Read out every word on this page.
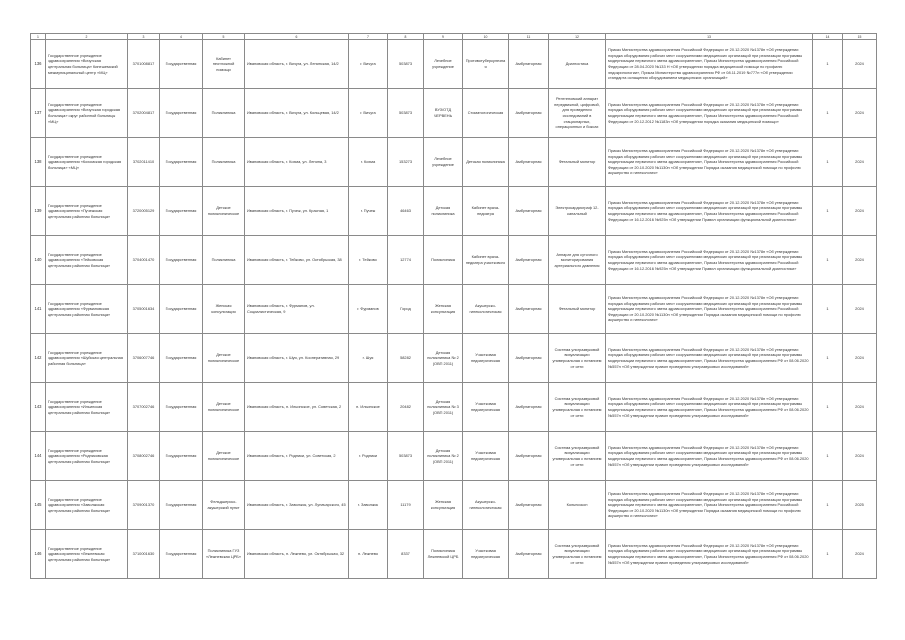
1	2	3	4	5	6	7	8	9	10	11	12	13	14	15
136	Государственное учреждение здравоохранения «Вичугская центральная больница» Кинешемский межмуниципальный центр «МЦ»	3701008817	Государственная	Кабинет неотложной помощи	Ивановская область, г. Вичуга, ул. Ленинская, 14/2	г. Вичуга	503873	Лечебное учреждение	Противотуберкулезная	Амбулаторная	Диагностика	Приказ Министерства здравоохранения Российской Федерации от 20.12.2020 №1378н «Об утверждении порядка оборудования рабочих мест сооружениями медицинских организаций при реализации программы модернизации первичного звена здравоохранения», Приказ Министерства здравоохранения Российской Федерации от 28.04.2020 №133 Н «Об утверждении порядка медицинской помощи по профилю эндокринологии», Приказ Министерства здравоохранения РФ от 08.11.2019 №777н «Об утверждении стандарта оснащения оборудованием медицинских организаций»	1	2024
137	Государственное учреждение здравоохранения «Вичугская городская больница» округ районной больницы «МЦ»	3702004817	Государственная	Поликлиника	Ивановская область, г. Вичуга, ул. Кольцевая, 14/2	г. Вичуга	503873	ВУЗ/ОТД ЧЕРВЕНЬ	Стоматологическая	Амбулаторная	Рентгеновский аппарат передвижной, цифровой, для проведения исследований в стационарных, операционных и боксах	Приказ Министерства здравоохранения Российской Федерации от 20.12.2020 №1378н «Об утверждении порядка оборудования рабочих мест сооружениями медицинских организаций при реализации программы модернизации первичного звена здравоохранения», Приказ Министерства здравоохранения Российской Федерации от 20.12.2012 №1183н «Об утверждении порядка оказания медицинской помощи»	1	2024
138	Государственное учреждение здравоохранения «Кохомская городская больница» «МЦ»	3702011410	Государственная	Поликлиника	Ивановская область, г. Кохма, ул. Ленина, 3	г. Кохма	153273	Лечебное учреждение	Детская поликлиника	Амбулаторная	Фетальный монитор	Приказ Министерства здравоохранения Российской Федерации от 20.12.2020 №1378н «Об утверждении порядка оборудования рабочих мест сооружениями медицинских организаций при реализации программы модернизации первичного звена здравоохранения», Приказ Министерства здравоохранения Российской Федерации от 20.10.2020 №1130н «Об утверждении Порядка оказания медицинской помощи по профилю акушерство и гинекология»	1	2024
139	Государственное учреждение здравоохранения «Пучежская центральная районная больница»	3720005129	Государственная	Детское поликлиническое	Ивановская область, г. Пучеж, ул. Красная, 1	г. Пучеж	46463	Детская поликлиника	Кабинет врача-педиатра	Амбулаторная	Электрокардиограф 12-канальный	Приказ Министерства здравоохранения Российской Федерации от 20.12.2020 №1378н «Об утверждении порядка оборудования рабочих мест сооружениями медицинских организаций при реализации программы модернизации первичного звена здравоохранения», Приказ Министерства здравоохранения Российской Федерации от 16.12.2016 №925н «Об утверждении Правил организации функциональной диагностики»	1	2024
140	Государственное учреждение здравоохранения «Тейковская центральная районная больница»	3704001470	Государственная	Поликлиника	Ивановская область, г. Тейково, ул. Октябрьская, 38	г. Тейково	12774	Поликлиника	Кабинет врача-педиатра участкового	Амбулаторная	Аппарат для суточного мониторирования артериального давления	Приказ Министерства здравоохранения Российской Федерации от 20.12.2020 №1378н «Об утверждении порядка оборудования рабочих мест сооружениями медицинских организаций при реализации программы модернизации первичного звена здравоохранения», Приказ Министерства здравоохранения Российской Федерации от 16.12.2016 №925н «Об утверждении Правил организации функциональной диагностики»	1	2024
141	Государственное учреждение здравоохранения «Фурмановская центральная районная больница»	3705001634	Государственная	Женская консультация	Ивановская область, г. Фурманов, ул. Социалистическая, 9	г. Фурманов	Город	Женская консультация	Акушерско-гинекологическая	Амбулаторная	Фетальный монитор	Приказ Министерства здравоохранения Российской Федерации от 20.12.2020 №1378н «Об утверждении порядка оборудования рабочих мест сооружениями медицинских организаций при реализации программы модернизации первичного звена здравоохранения», Приказ Министерства здравоохранения Российской Федерации от 20.10.2020 №1130н «Об утверждении Порядка оказания медицинской помощи по профилю акушерство и гинекология»	1	2024
142	Государственное учреждение здравоохранения «Шуйская центральная районная больница»	3706007746	Государственная	Детское поликлиническое	Ивановская область, г. Шуя, ул. Кооперативная, 29	г. Шуя	58282	Детская поликлиника № 2 (ОВП 2011)	Участковая педиатрическая	Амбулаторная	Система ультразвуковой визуализации универсальная с питанием от сети	Приказ Министерства здравоохранения Российской Федерации от 20.12.2020 №1378н «Об утверждении порядка оборудования рабочих мест сооружениями медицинских организаций при реализации программы модернизации первичного звена здравоохранения», Приказ Министерства здравоохранения РФ от 08.06.2020 №557н «Об утверждении правил проведения ультразвуковых исследований»	1	2024
143	Государственное учреждение здравоохранения «Ильинская центральная районная больница»	3707002746	Государственная	Детское поликлиническое	Ивановская область, п. Ильинское, ул. Советская, 2	п. Ильинское	20482	Детская поликлиника № 3 (ОВП 2011)	Участковая педиатрическая	Амбулаторная	Система ультразвуковой визуализации универсальная с питанием от сети	Приказ Министерства здравоохранения Российской Федерации от 20.12.2020 №1378н «Об утверждении порядка оборудования рабочих мест сооружениями медицинских организаций при реализации программы модернизации первичного звена здравоохранения», Приказ Министерства здравоохранения РФ от 08.06.2020 №557н «Об утверждении правил проведения ультразвуковых исследований»	1	2024
144	Государственное учреждение здравоохранения «Родниковская центральная районная больница»	3708002746	Государственная	Детское поликлиническое	Ивановская область, г. Родники, ул. Советская, 2	г. Родники	503873	Детская поликлиника № 2 (ОВП 2011)	Участковая педиатрическая	Амбулаторная	Система ультразвуковой визуализации универсальная с питанием от сети	Приказ Министерства здравоохранения Российской Федерации от 20.12.2020 №1378н «Об утверждении порядка оборудования рабочих мест сооружениями медицинских организаций при реализации программы модернизации первичного звена здравоохранения», Приказ Министерства здравоохранения РФ от 08.06.2020 №557н «Об утверждении правил проведения ультразвуковых исследований»	1	2024
145	Государственное учреждение здравоохранения «Заволжская центральная районная больница»	3709001370	Государственная	Фельдшерско-акушерский пункт	Ивановская область, г. Заволжск, ул. Луначарского, 45	г. Заволжск	11179	Женская консультация	Акушерско-гинекологическая	Амбулаторная	Кольпоскоп	Приказ Министерства здравоохранения Российской Федерации от 20.12.2020 №1378н «Об утверждении порядка оборудования рабочих мест сооружениями медицинских организаций при реализации программы модернизации первичного звена здравоохранения», Приказ Министерства здравоохранения Российской Федерации от 20.10.2020 №1130н «Об утверждении Порядка оказания медицинской помощи по профилю акушерство и гинекология»	1	2025
146	Государственное учреждение здравоохранения «Лежневская центральная районная больница»	3710001630	Государственная	Поликлиника ГУЗ «Лежневская ЦРБ»	Ивановская область, п. Лежнево, ул. Октябрьская, 32	п. Лежнево	8337	Поликлиника Лежневской ЦРБ	Участковая педиатрическая	Амбулаторная	Система ультразвуковой визуализации универсальная с питанием от сети	Приказ Министерства здравоохранения Российской Федерации от 20.12.2020 №1378н «Об утверждении порядка оборудования рабочих мест сооружениями медицинских организаций при реализации программы модернизации первичного звена здравоохранения», Приказ Министерства здравоохранения РФ от 08.06.2020 №557н «Об утверждении правил проведения ультразвуковых исследований»	1	2024
